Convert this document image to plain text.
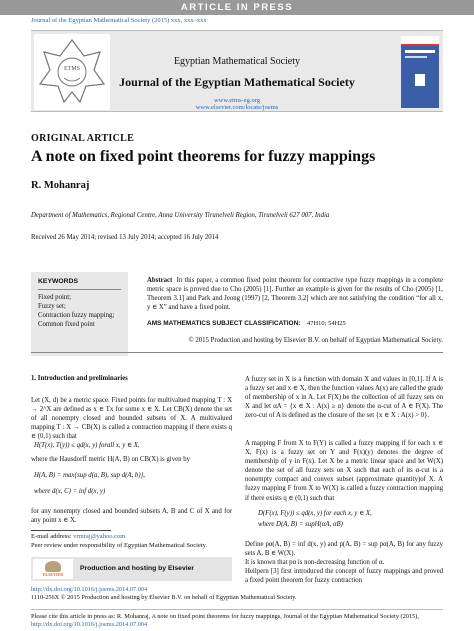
ARTICLE IN PRESS
Journal of the Egyptian Mathematical Society (2015) xxx, xxx–xxx
ETMS
Egyptian Mathematical Society
Journal of the Egyptian Mathematical Society
www.etms-eg.org
www.elsevier.com/locate/joems
ORIGINAL ARTICLE
A note on fixed point theorems for fuzzy mappings
R. Mohanraj
Department of Mathematics, Regional Centre, Anna University Tirunelveli Region, Tirunelveli 627 007, India
Received 26 May 2014; revised 13 July 2014; accepted 16 July 2014
KEYWORDS
Fixed point;
Fuzzy set;
Contraction fuzzy mapping;
Common fixed point
Abstract In this paper, a common fixed point theorem for contractive type fuzzy mappings in a complete metric space is proved due to Cho (2005) [1]. Further an example is given for the results of Cho (2005) [1, Theorem 3.1] and Park and Jeong (1997) [2, Theorem 3.2] which are not satisfying the condition “for all x, y ∈ X” and have a fixed point.
AMS MATHEMATICS SUBJECT CLASSIFICATION: 47H10; 54H25
© 2015 Production and hosting by Elsevier B.V. on behalf of Egyptian Mathematical Society.
1. Introduction and preliminaries
Let (X, d) be a metric space. Fixed points for multivalued mapping T : X → 2^X are defined as x ∈ Tx for some x ∈ X. Let CB(X) denote the set of all nonempty closed and bounded subsets of X. A multivalued mapping T : X → CB(X) is called a contraction mapping if there exists q ∈ (0,1) such that
H(T(x), T(y)) ≤ qd(x, y) forall x, y ∈ X,
where the Hausdorff metric H(A, B) on CB(X) is given by
H(A, B) = max{sup d(a, B), sup d(A, b)},
where d(x, C) = inf d(x, y)
for any nonempty closed and bounded subsets A, B and C of X and for any point x ∈ X.
A fuzzy set in X is a function with domain X and values in [0,1]. If A is a fuzzy set and x ∈ X, then the function values A(x) are called the grade of membership of x in A. Let F(X) be the collection of all fuzzy sets on X and let αA = {x ∈ X : A(x) ≥ α} denote the α-cut of A ∈ F(X). The zero-cut of A is defined as the closure of the set {x ∈ X : A(x) > 0}.
A mapping F from X to F(Y) is called a fuzzy mapping if for each x ∈ X, F(x) is a fuzzy set on Y and F(x)(y) denotes the degree of membership of y in F(x). Let X be a metric linear space and let W(X) denote the set of all fuzzy sets on X such that each of its α-cut is a nonempty compact and convex subset (approximate quantity)of X. A fuzzy mapping F from X to W(X) is called a fuzzy contraction mapping if there exists q ∈ (0,1) such that
D(F(x), F(y)) ≤ qd(x, y) for each x, y ∈ X,
where D(A, B) = supH(αA, αB)
Define pα(A, B) = inf d(x, y) and p(A, B) = sup pα(A, B) for any fuzzy sets A, B ∈ W(X).
It is known that pα is non-decreasing function of α.
Heilpern [3] first introduced the concept of fuzzy mappings and proved a fixed point theorem for fuzzy contraction
E-mail address: vrmraj@yahoo.com
Peer review under responsibility of Egyptian Mathematical Society.
ELSEVIER
Production and hosting by Elsevier
http://dx.doi.org/10.1016/j.joems.2014.07.004
1110-256X © 2015 Production and hosting by Elsevier B.V. on behalf of Egyptian Mathematical Society.
Please cite this article in press as: R. Mohanraj, A note on fixed point theorems for fuzzy mappings, Journal of the Egyptian Mathematical Society (2015), http://dx.doi.org/10.1016/j.joems.2014.07.004
